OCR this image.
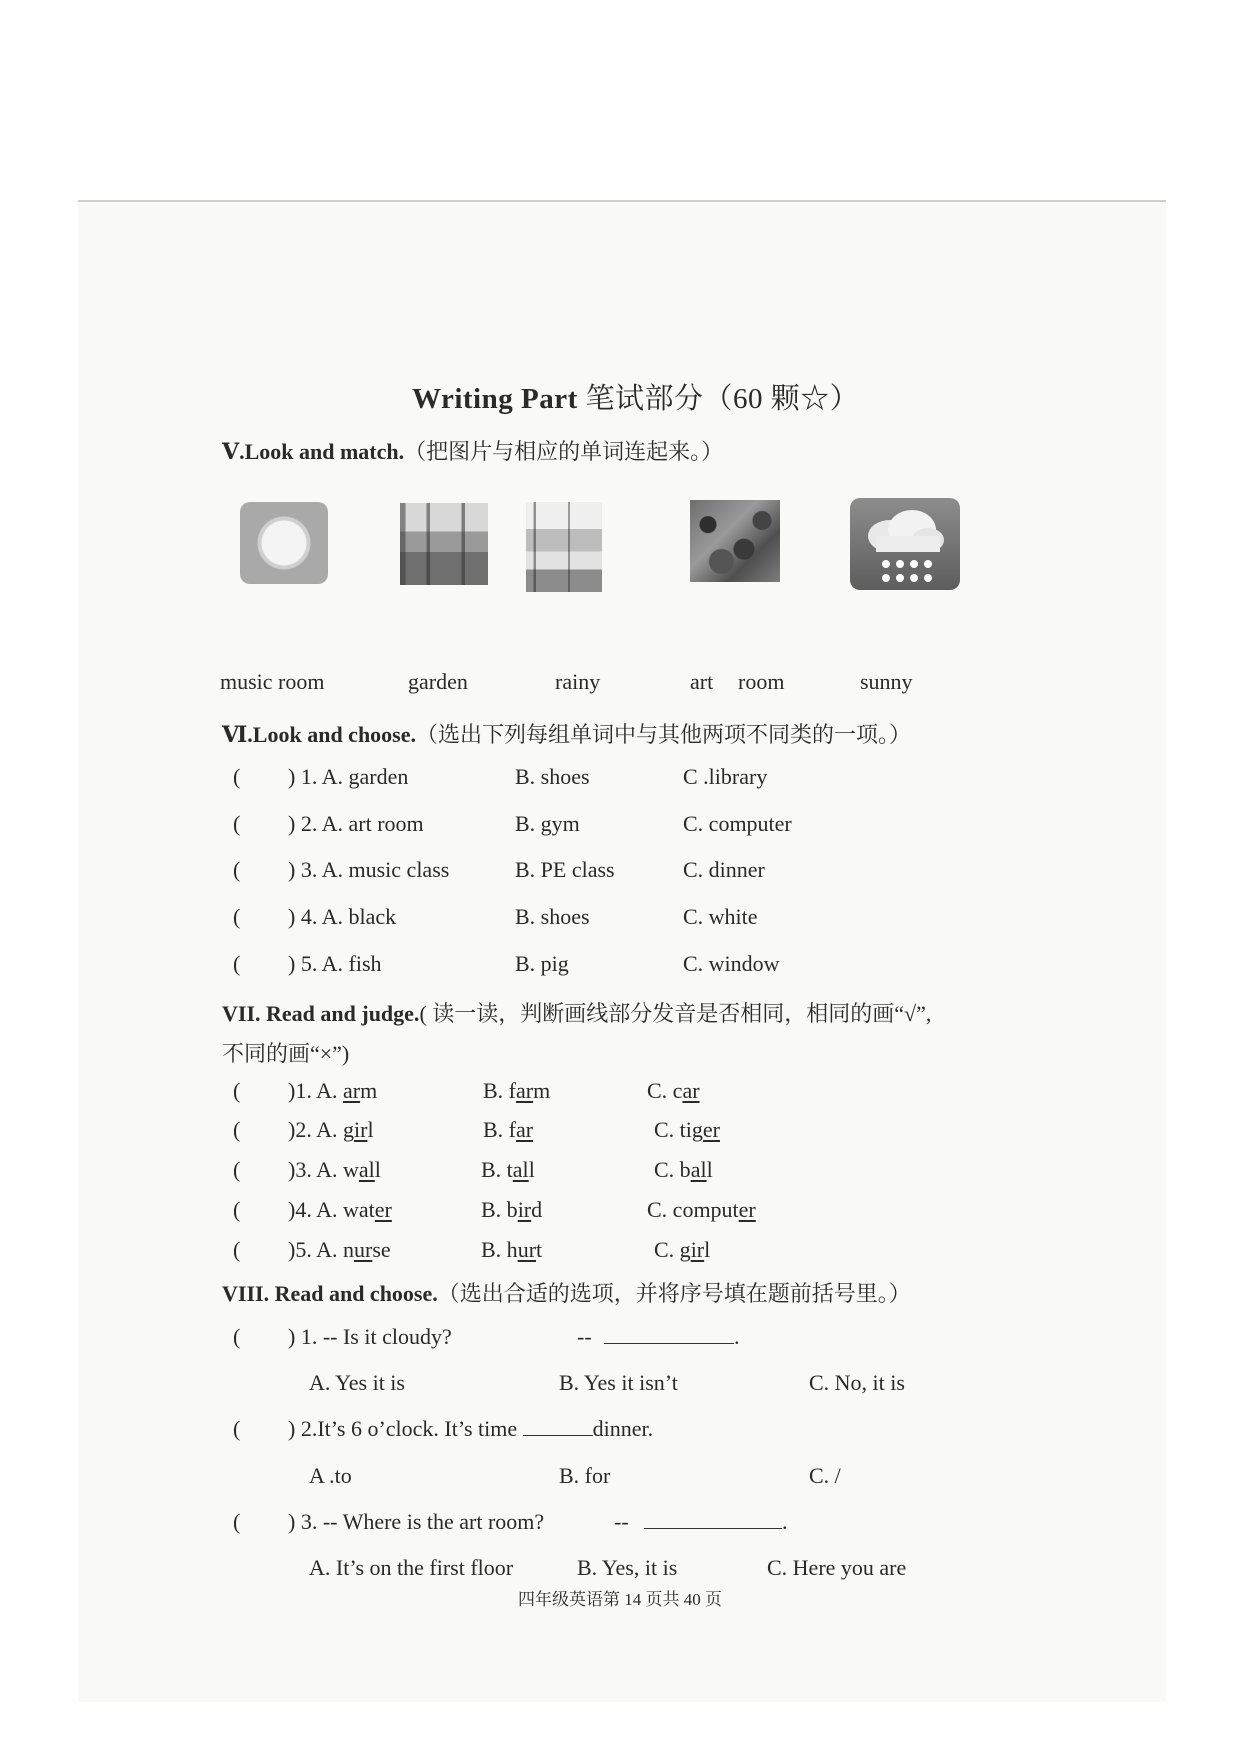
Writing Part 笔试部分（60 颗☆）
Ⅴ.Look and match.（把图片与相应的单词连起来。）
music room	garden	rainy	art room	sunny
Ⅵ.Look and choose.（选出下列每组单词中与其他两项不同类的一项。）
( ) 1. A. garden	B. shoes	C .library
( ) 2. A. art room	B. gym	C. computer
( ) 3. A. music class	B. PE class	C. dinner
( ) 4. A. black	B. shoes	C. white
( ) 5. A. fish	B. pig	C. window
VII. Read and judge.( 读一读，判断画线部分发音是否相同，相同的画“√”,
不同的画“×”)
( )1. A. arm	B. farm	C. car
( )2. A. girl	B. far	C. tiger
( )3. A. wall	B. tall	C. ball
( )4. A. water	B. bird	C. computer
( )5. A. nurse	B. hurt	C. girl
VIII. Read and choose.（选出合适的选项，并将序号填在题前括号里。）
( ) 1. -- Is it cloudy?	--	.
A. Yes it is	B. Yes it isn’t	C. No, it is
( ) 2.It’s 6 o’clock. It’s time	dinner.
A .to	B. for	C. /
( ) 3. -- Where is the art room?	--	.
A. It’s on the first floor	B. Yes, it is	C. Here you are
四年级英语第 14 页共 40 页
